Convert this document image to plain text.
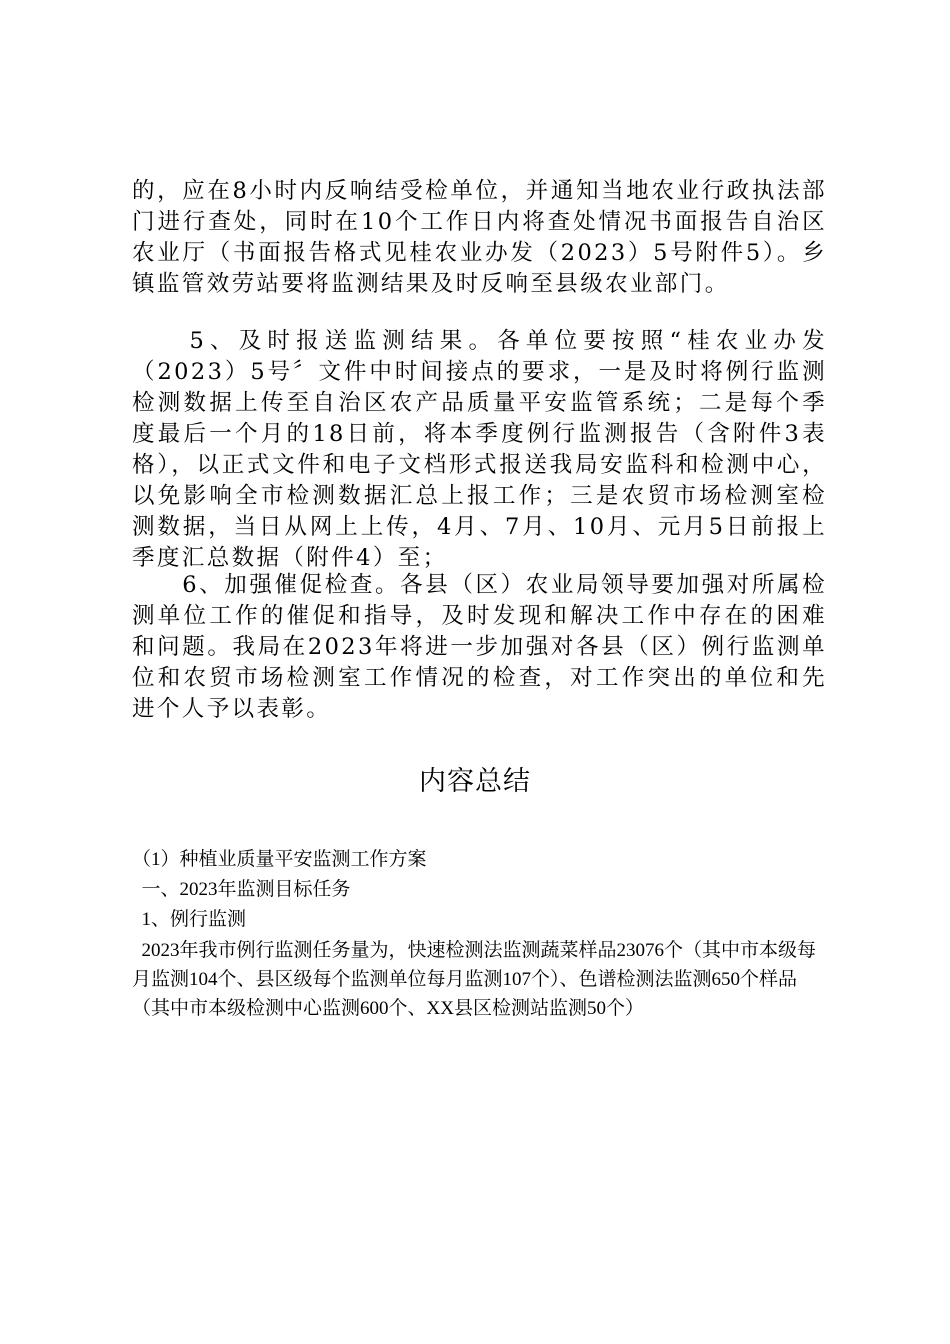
的，应在8小时内反响结受检单位，并通知当地农业行政执法部门进行查处，同时在10个工作日内将查处情况书面报告自治区农业厅（书面报告格式见桂农业办发（2023）5号附件5）。乡镇监管效劳站要将监测结果及时反响至县级农业部门。

　　5、及时报送监测结果。各单位要按照“桂农业办发（2023）5号〞文件中时间接点的要求，一是及时将例行监测检测数据上传至自治区农产品质量平安监管系统；二是每个季度最后一个月的18日前，将本季度例行监测报告（含附件3表格），以正式文件和电子文档形式报送我局安监科和检测中心，以免影响全市检测数据汇总上报工作；三是农贸市场检测室检测数据，当日从网上上传，4月、7月、10月、元月5日前报上季度汇总数据（附件4）至；

　　6、加强催促检查。各县（区）农业局领导要加强对所属检测单位工作的催促和指导，及时发现和解决工作中存在的困难和问题。我局在2023年将进一步加强对各县（区）例行监测单位和农贸市场检测室工作情况的检查，对工作突出的单位和先进个人予以表彰。

内容总结

（1）种植业质量平安监测工作方案

一、2023年监测目标任务

1、例行监测

2023年我市例行监测任务量为，快速检测法监测蔬菜样品23076个（其中市本级每月监测104个、县区级每个监测单位每月监测107个）、色谱检测法监测650个样品（其中市本级检测中心监测600个、XX县区检测站监测50个）
